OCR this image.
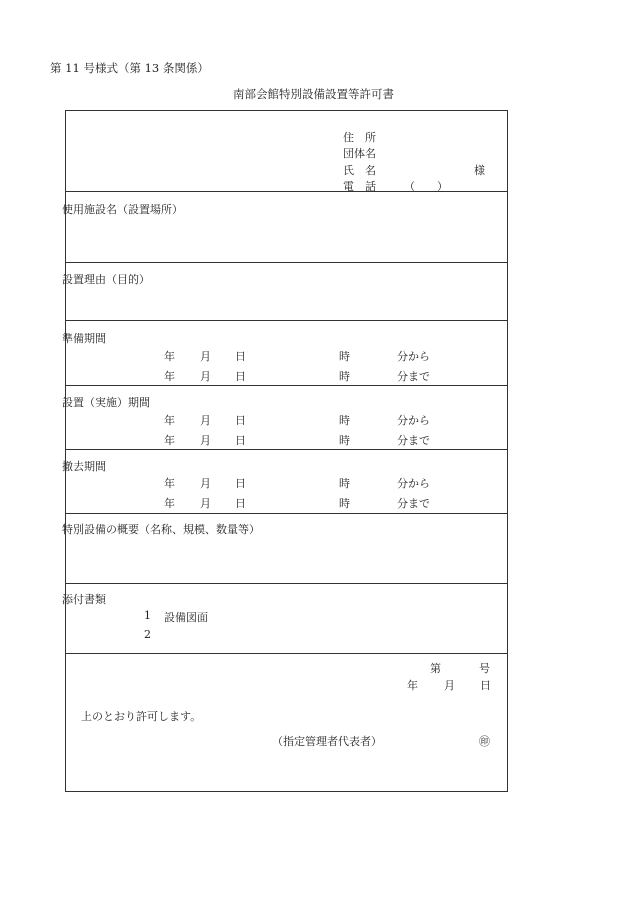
第 11 号様式（第 13 条関係）
南部会館特別設備設置等許可書
住　所
団体名
氏　名	様
電　話	（　　）
使用施設名（設置場所）
設置理由（目的）
準備期間
年 月 日	時	分から
年 月 日	時	分まで
設置（実施）期間
年 月 日	時	分から
年 月 日	時	分まで
撤去期間
年 月 日	時	分から
年 月 日	時	分まで
特別設備の概要（名称、規模、数量等）
添付書類
1 設備図面
2
第	号
年 月 日
上のとおり許可します。
（指定管理者代表者）	㊞
